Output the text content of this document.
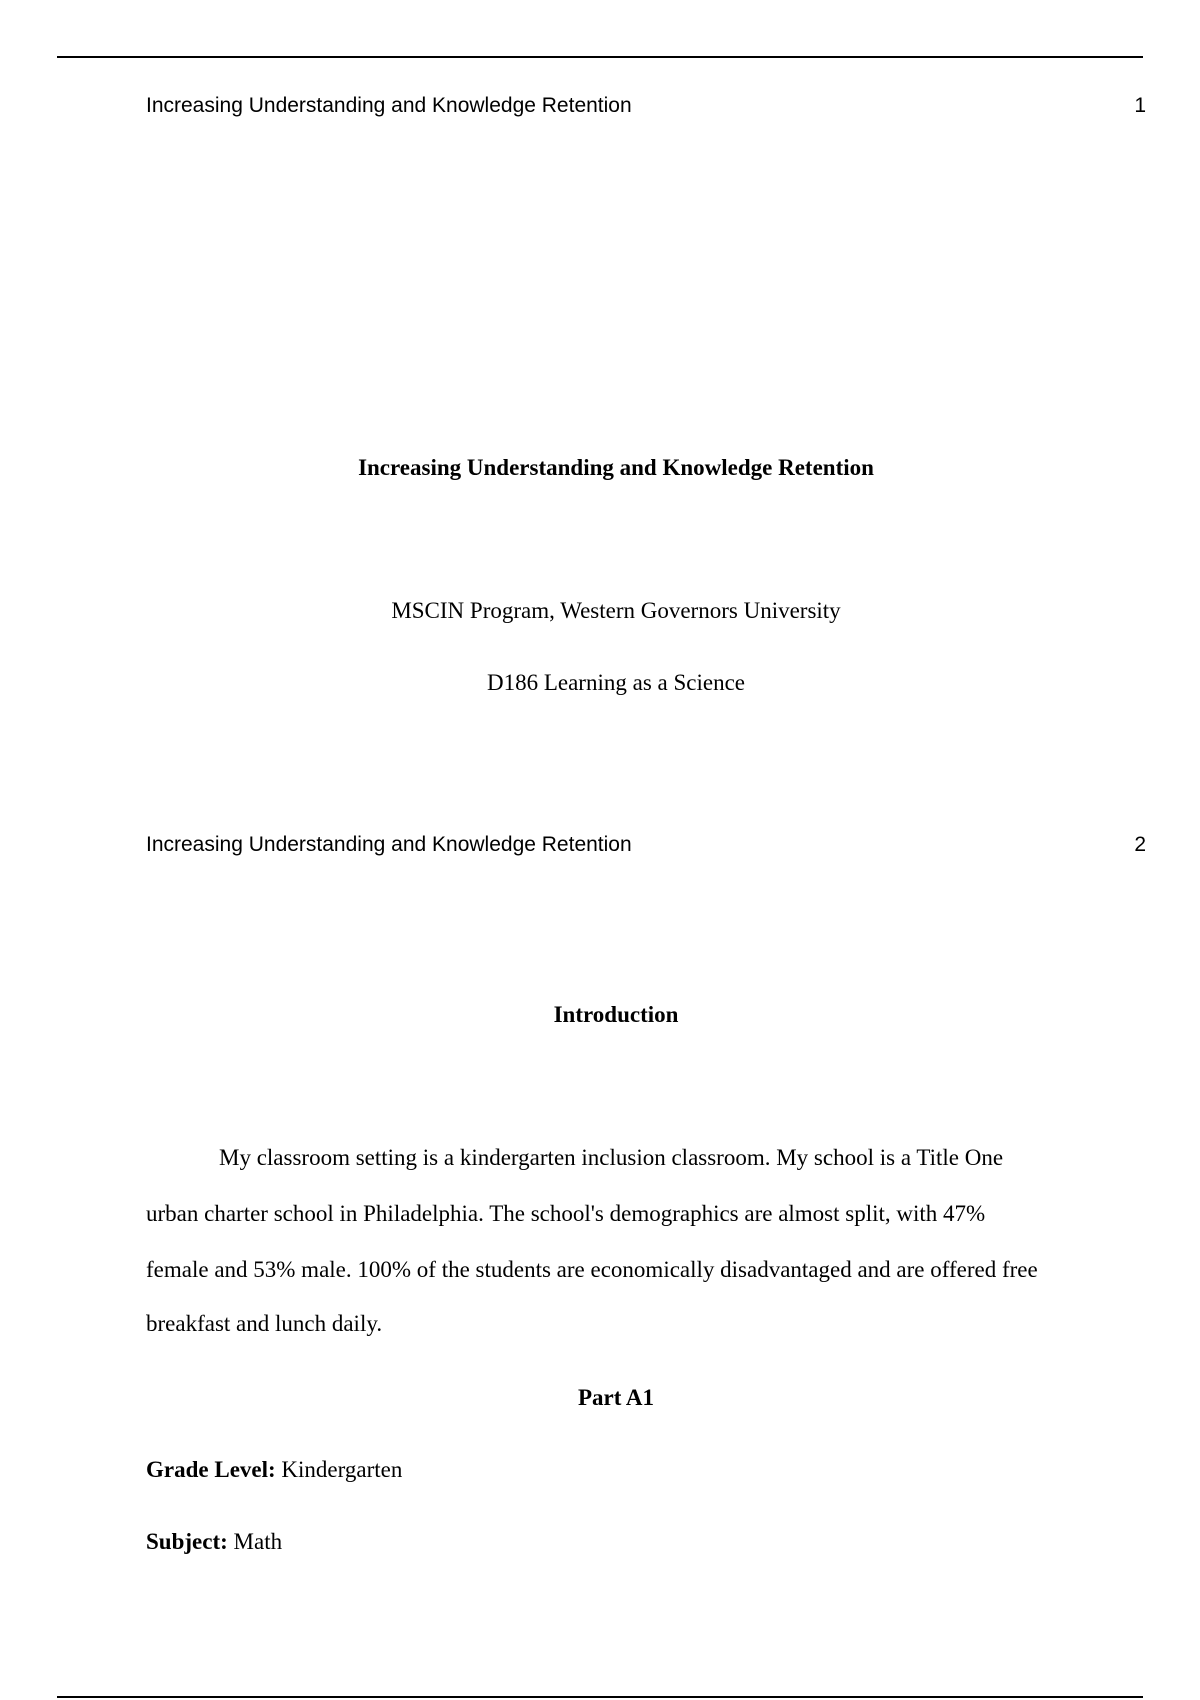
Increasing Understanding and Knowledge Retention	1
Increasing Understanding and Knowledge Retention
MSCIN Program, Western Governors University
D186 Learning as a Science
Increasing Understanding and Knowledge Retention	2
Introduction
My classroom setting is a kindergarten inclusion classroom. My school is a Title One
urban charter school in Philadelphia. The school's demographics are almost split, with 47%
female and 53% male. 100% of the students are economically disadvantaged and are offered free
breakfast and lunch daily.
Part A1
Grade Level: Kindergarten
Subject: Math
